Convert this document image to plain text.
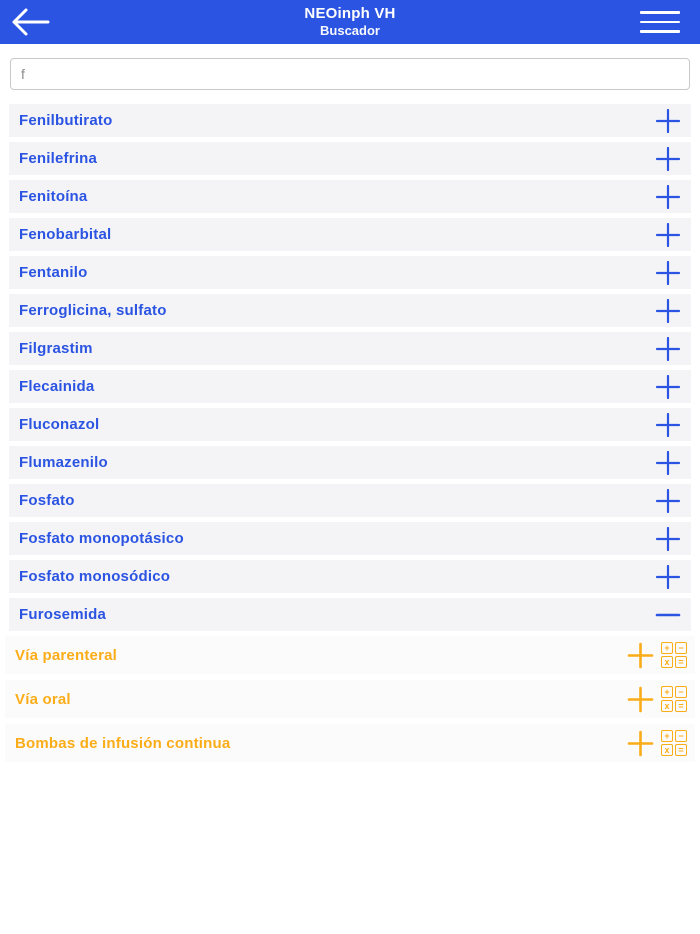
NEOinph VH
Buscador
f
Fenilbutirato
Fenilefrina
Fenitoína
Fenobarbital
Fentanilo
Ferroglicina, sulfato
Filgrastim
Flecainida
Fluconazol
Flumazenilo
Fosfato
Fosfato monopotásico
Fosfato monosódico
Furosemida
Vía parenteral	+ −
x =
Vía oral	+ −
x =
Bombas de infusión continua	+ −
x =
